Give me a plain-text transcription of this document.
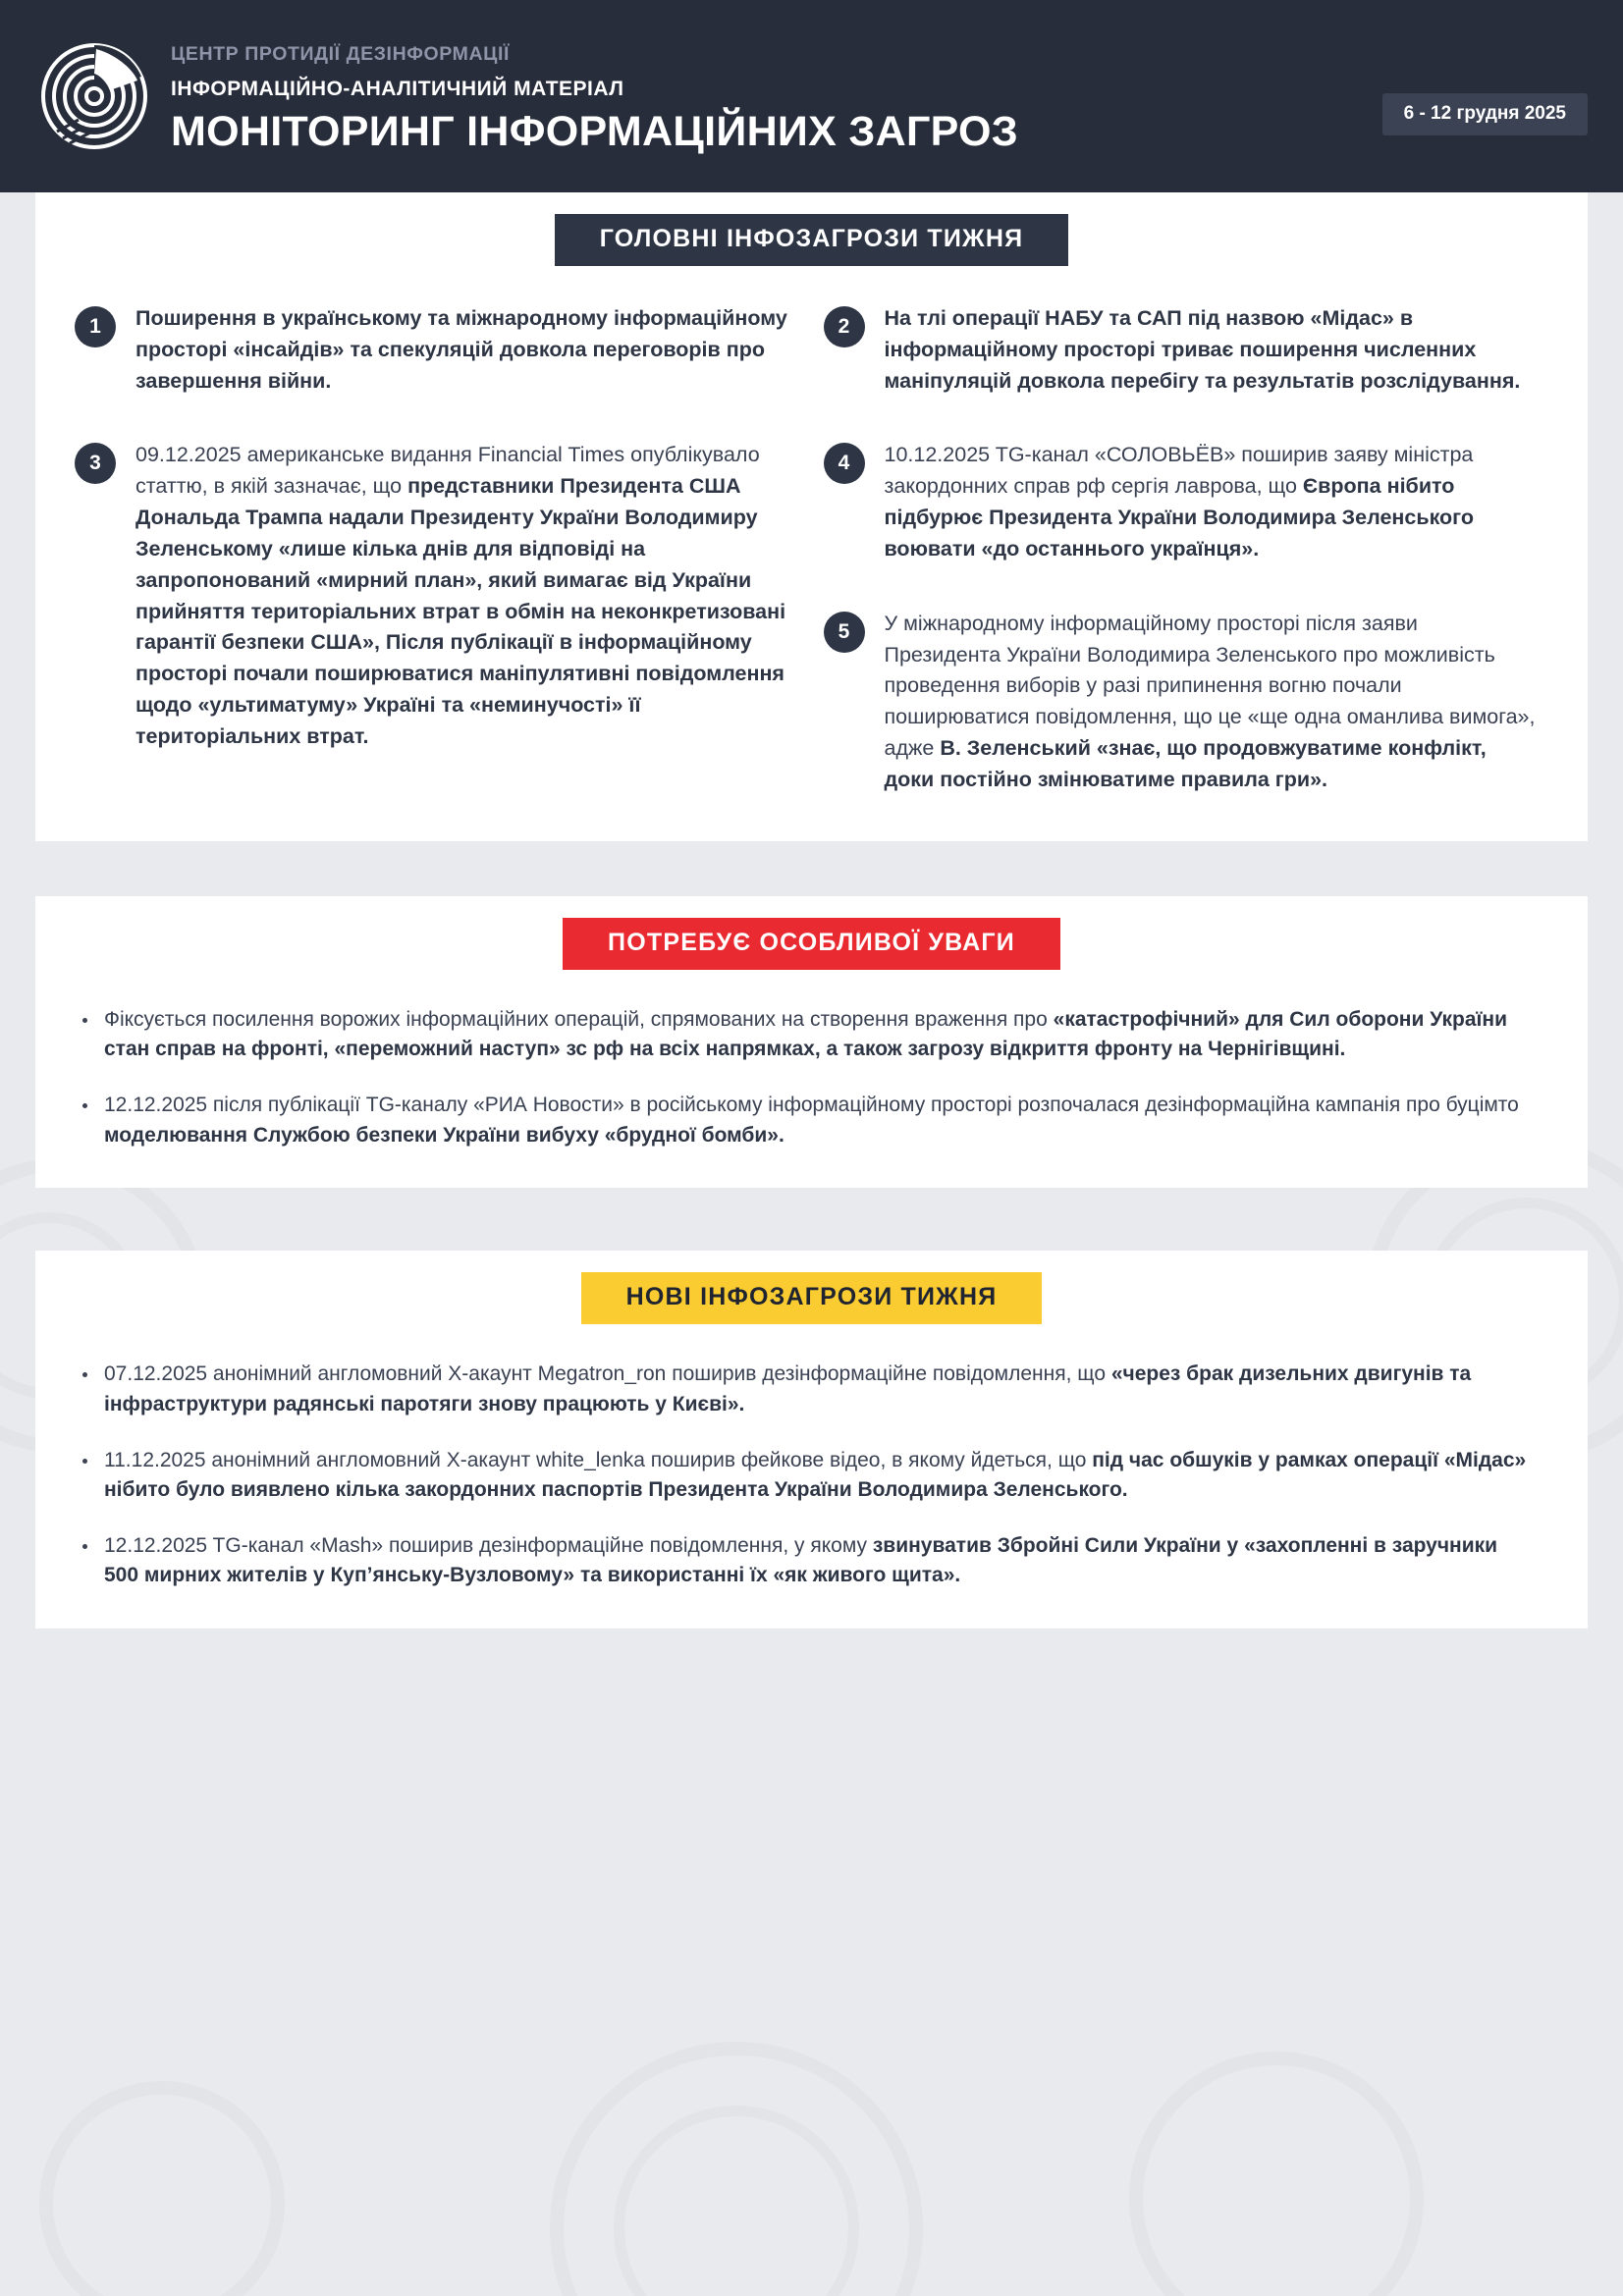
ЦЕНТР ПРОТИДІЇ ДЕЗІНФОРМАЦІЇ
ІНФОРМАЦІЙНО-АНАЛІТИЧНИЙ МАТЕРІАЛ
МОНІТОРИНГ ІНФОРМАЦІЙНИХ ЗАГРОЗ	6 - 12 грудня 2025
ГОЛОВНІ ІНФОЗАГРОЗИ ТИЖНЯ
1	Поширення в українському та міжнародному інформаційному просторі «інсайдів» та спекуляцій довкола переговорів про завершення війни.
3	09.12.2025 американське видання Financial Times опублікувало статтю, в якій зазначає, що представники Президента США Дональда Трампа надали Президенту України Володимиру Зеленському «лише кілька днів для відповіді на запропонований «мирний план», який вимагає від України прийняття територіальних втрат в обмін на неконкретизовані гарантії безпеки США», Після публікації в інформаційному просторі почали поширюватися маніпулятивні повідомлення щодо «ультиматуму» Україні та «неминучості» її територіальних втрат.
2	На тлі операції НАБУ та САП під назвою «Мідас» в інформаційному просторі триває поширення численних маніпуляцій довкола перебігу та результатів розслідування.
4	10.12.2025 TG-канал «СОЛОВЬЁВ» поширив заяву міністра закордонних справ рф сергія лаврова, що Європа нібито підбурює Президента України Володимира Зеленського воювати «до останнього українця».
5	У міжнародному інформаційному просторі після заяви Президента України Володимира Зеленського про можливість проведення виборів у разі припинення вогню почали поширюватися повідомлення, що це «ще одна оманлива вимога», адже В. Зеленський «знає, що продовжуватиме конфлікт, доки постійно змінюватиме правила гри».
ПОТРЕБУЄ ОСОБЛИВОЇ УВАГИ
Фіксується посилення ворожих інформаційних операцій, спрямованих на створення враження про «катастрофічний» для Сил оборони України стан справ на фронті, «переможний наступ» зс рф на всіх напрямках, а також загрозу відкриття фронту на Чернігівщині.
12.12.2025 після публікації TG-каналу «РИА Новости» в російському інформаційному просторі розпочалася дезінформаційна кампанія про буцімто моделювання Службою безпеки України вибуху «брудної бомби».
НОВІ ІНФОЗАГРОЗИ ТИЖНЯ
07.12.2025 анонімний англомовний X-акаунт Megatron_ron поширив дезінформаційне повідомлення, що «через брак дизельних двигунів та інфраструктури радянські паротяги знову працюють у Києві».
11.12.2025 анонімний англомовний X-акаунт white_lenka поширив фейкове відео, в якому йдеться, що під час обшуків у рамках операції «Мідас» нібито було виявлено кілька закордонних паспортів Президента України Володимира Зеленського.
12.12.2025 TG-канал «Mash» поширив дезінформаційне повідомлення, у якому звинуватив Збройні Сили України у «захопленні в заручники 500 мирних жителів у Куп’янську-Вузловому» та використанні їх «як живого щита».
